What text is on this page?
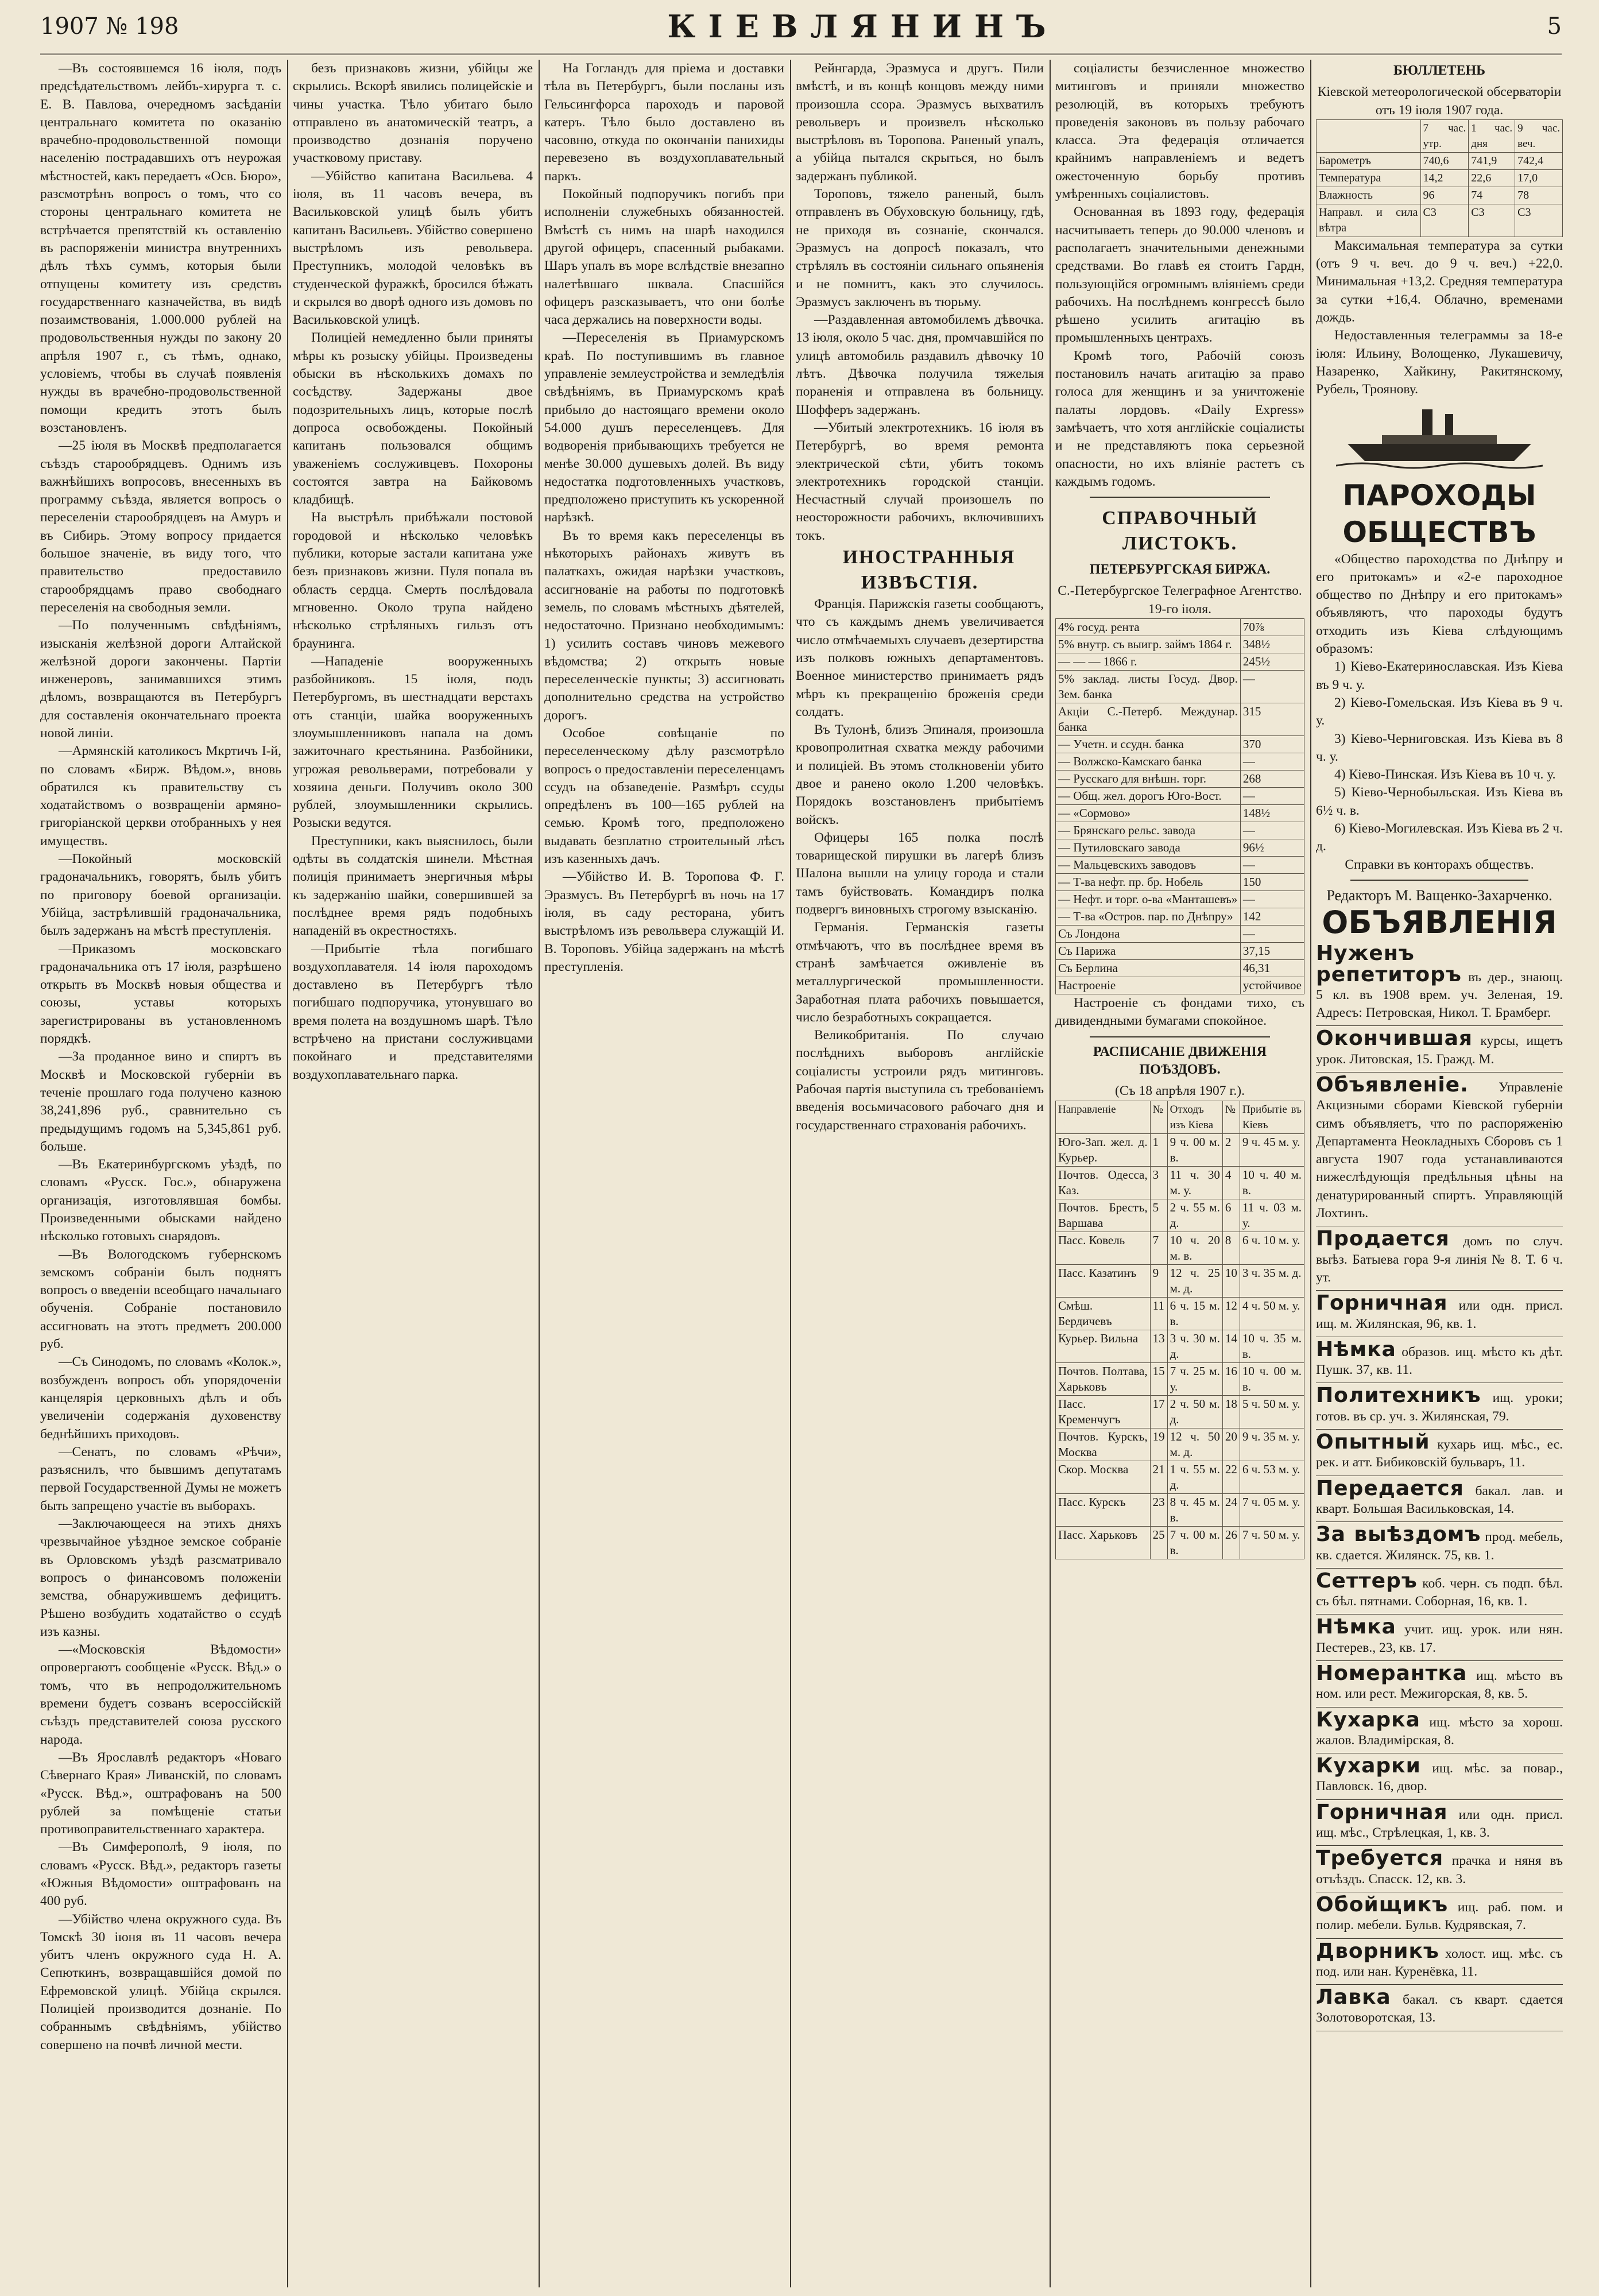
1907 № 198	КІЕВЛЯНИНЪ	5

—Въ состоявшемся 16 іюля, подъ предсѣдательствомъ лейбъ-хирурга т. с. Е. В. Павлова, очередномъ засѣданіи центральнаго комитета по оказанію врачебно-продовольственной помощи населенію пострадавшихъ отъ неурожая мѣстностей, какъ передаетъ «Осв. Бюро», разсмотрѣнъ вопросъ о томъ, что со стороны центральнаго комитета не встрѣчается препятствій къ оставленію въ распоряженіи министра внутреннихъ дѣлъ тѣхъ суммъ, которыя были отпущены комитету изъ средствъ государственнаго казначейства, въ видѣ позаимствованія, 1.000.000 рублей на продовольственныя нужды по закону 20 апрѣля 1907 г., съ тѣмъ, однако, условіемъ, чтобы въ случаѣ появленія нужды въ врачебно-продовольственной помощи кредитъ этотъ былъ возстановленъ.

—25 іюля въ Москвѣ предполагается съѣздъ старообрядцевъ. Однимъ изъ важнѣйшихъ вопросовъ, внесенныхъ въ программу съѣзда, является вопросъ о переселеніи старообрядцевъ на Амуръ и въ Сибирь. Этому вопросу придается большое значеніе, въ виду того, что правительство предоставило старообрядцамъ право свободнаго переселенія на свободныя земли.

—По полученнымъ свѣдѣніямъ, изысканія желѣзной дороги Алтайской желѣзной дороги закончены. Партіи инженеровъ, занимавшихся этимъ дѣломъ, возвращаются въ Петербургъ для составленія окончательнаго проекта новой линіи.

—Армянскій католикосъ Мкртичъ I-й, по словамъ «Бирж. Вѣдом.», вновь обратился къ правительству съ ходатайствомъ о возвращеніи армяно-григоріанской церкви отобранныхъ у нея имуществъ.

—Покойный московскій градоначальникъ, говорятъ, былъ убитъ по приговору боевой организаціи. Убійца, застрѣлившій градоначальника, былъ задержанъ на мѣстѣ преступленія.

—Приказомъ московскаго градоначальника отъ 17 іюля, разрѣшено открыть въ Москвѣ новыя общества и союзы, уставы которыхъ зарегистрированы въ установленномъ порядкѣ.

—За проданное вино и спиртъ въ Москвѣ и Московской губерніи въ теченіе прошлаго года получено казною 38,241,896 руб., сравнительно съ предыдущимъ годомъ на 5,345,861 руб. больше.

—Въ Екатеринбургскомъ уѣздѣ, по словамъ «Русск. Гос.», обнаружена организація, изготовлявшая бомбы. Произведенными обысками найдено нѣсколько готовыхъ снарядовъ.

—Въ Вологодскомъ губернскомъ земскомъ собраніи былъ поднятъ вопросъ о введеніи всеобщаго начальнаго обученія. Собраніе постановило ассигновать на этотъ предметъ 200.000 руб.

—Съ Синодомъ, по словамъ «Колок.», возбужденъ вопросъ объ упорядоченіи канцелярія церковныхъ дѣлъ и объ увеличеніи содержанія духовенству беднѣйшихъ приходовъ.

—Сенатъ, по словамъ «Рѣчи», разъяснилъ, что бывшимъ депутатамъ первой Государственной Думы не можетъ быть запрещено участіе въ выборахъ.

—Заключающееся на этихъ дняхъ чрезвычайное уѣздное земское собраніе въ Орловскомъ уѣздѣ разсматривало вопросъ о финансовомъ положеніи земства, обнаружившемъ дефицитъ. Рѣшено возбудить ходатайство о ссудѣ изъ казны.

—«Московскія Вѣдомости» опровергаютъ сообщеніе «Русск. Вѣд.» о томъ, что въ непродолжительномъ времени будетъ созванъ всероссійскій съѣздъ представителей союза русского народа.

—Въ Ярославлѣ редакторъ «Новаго Сѣвернаго Края» Ливанскій, по словамъ «Русск. Вѣд.», оштрафованъ на 500 рублей за помѣщеніе статьи противоправительственнаго характера.

—Въ Симферополѣ, 9 іюля, по словамъ «Русск. Вѣд.», редакторъ газеты «Южныя Вѣдомости» оштрафованъ на 400 руб.

—Убійство члена окружного суда. Въ Томскѣ 30 іюня въ 11 часовъ вечера убитъ членъ окружного суда Н. А. Сепюткинъ, возвращавшійся домой по Ефремовской улицѣ. Убійца скрылся. Полиціей производится дознаніе. По собраннымъ свѣдѣніямъ, убійство совершено на почвѣ личной мести.

безъ признаковъ жизни, убійцы же скрылись. Вскорѣ явились полицейскіе и чины участка. Тѣло убитаго было отправлено въ анатомическій театръ, а производство дознанія поручено участковому приставу.

—Убійство капитана Васильева. 4 іюля, въ 11 часовъ вечера, въ Васильковской улицѣ былъ убитъ капитанъ Васильевъ. Убійство совершено выстрѣломъ изъ револьвера. Преступникъ, молодой человѣкъ въ студенческой фуражкѣ, бросился бѣжать и скрылся во дворѣ одного изъ домовъ по Васильковской улицѣ.

Полиціей немедленно были приняты мѣры къ розыску убійцы. Произведены обыски въ нѣсколькихъ домахъ по сосѣдству. Задержаны двое подозрительныхъ лицъ, которые послѣ допроса освобождены. Покойный капитанъ пользовался общимъ уваженіемъ сослуживцевъ. Похороны состоятся завтра на Байковомъ кладбищѣ.

На выстрѣлъ прибѣжали постовой городовой и нѣсколько человѣкъ публики, которые застали капитана уже безъ признаковъ жизни. Пуля попала въ область сердца. Смерть послѣдовала мгновенно. Около трупа найдено нѣсколько стрѣляныхъ гильзъ отъ браунинга.

—Нападеніе вооруженныхъ разбойниковъ. 15 іюля, подъ Петербургомъ, въ шестнадцати верстахъ отъ станціи, шайка вооруженныхъ злоумышленниковъ напала на домъ зажиточнаго крестьянина. Разбойники, угрожая револьверами, потребовали у хозяина деньги. Получивъ около 300 рублей, злоумышленники скрылись. Розыски ведутся.

Преступники, какъ выяснилось, были одѣты въ солдатскія шинели. Мѣстная полиція принимаетъ энергичныя мѣры къ задержанію шайки, совершившей за послѣднее время рядъ подобныхъ нападеній въ окрестностяхъ.

—Прибытіе тѣла погибшаго воздухоплавателя. 14 іюля пароходомъ доставлено въ Петербургъ тѣло погибшаго подпоручика, утонувшаго во время полета на воздушномъ шарѣ. Тѣло встрѣчено на пристани сослуживцами покойнаго и представителями воздухоплавательнаго парка.

На Гогландъ для пріема и доставки тѣла въ Петербургъ, были посланы изъ Гельсингфорса пароходъ и паровой катеръ. Тѣло было доставлено въ часовню, откуда по окончаніи панихиды перевезено въ воздухоплавательный паркъ.

Покойный подпоручикъ погибъ при исполненіи служебныхъ обязанностей. Вмѣстѣ съ нимъ на шарѣ находился другой офицеръ, спасенный рыбаками. Шаръ упалъ въ море вслѣдствіе внезапно налетѣвшаго шквала. Спасшійся офицеръ разсказываетъ, что они болѣе часа держались на поверхности воды.

—Переселенія въ Приамурскомъ краѣ. По поступившимъ въ главное управленіе землеустройства и земледѣлія свѣдѣніямъ, въ Приамурскомъ краѣ прибыло до настоящаго времени около 54.000 душъ переселенцевъ. Для водворенія прибывающихъ требуется не менѣе 30.000 душевыхъ долей. Въ виду недостатка подготовленныхъ участковъ, предположено приступить къ ускоренной нарѣзкѣ.

Въ то время какъ переселенцы въ нѣкоторыхъ районахъ живутъ въ палаткахъ, ожидая нарѣзки участковъ, ассигнованіе на работы по подготовкѣ земель, по словамъ мѣстныхъ дѣятелей, недостаточно. Признано необходимымъ: 1) усилить составъ чиновъ межевого вѣдомства; 2) открыть новые переселенческіе пункты; 3) ассигновать дополнительно средства на устройство дорогъ.

Особое совѣщаніе по переселенческому дѣлу разсмотрѣло вопросъ о предоставленіи переселенцамъ ссудъ на обзаведеніе. Размѣръ ссуды опредѣленъ въ 100—165 рублей на семью. Кромѣ того, предположено выдавать безплатно строительный лѣсъ изъ казенныхъ дачъ.

—Убійство И. В. Торопова Ф. Г. Эразмусъ. Въ Петербургѣ въ ночь на 17 іюля, въ саду ресторана, убитъ выстрѣломъ изъ револьвера служащій И. В. Тороповъ. Убійца задержанъ на мѣстѣ преступленія.

Рейнгарда, Эразмуса и другъ. Пили вмѣстѣ, и въ концѣ концовъ между ними произошла ссора. Эразмусъ выхватилъ револьверъ и произвелъ нѣсколько выстрѣловъ въ Торопова. Раненый упалъ, а убійца пытался скрыться, но былъ задержанъ публикой.

Тороповъ, тяжело раненый, былъ отправленъ въ Обуховскую больницу, гдѣ, не приходя въ сознаніе, скончался. Эразмусъ на допросѣ показалъ, что стрѣлялъ въ состояніи сильнаго опьяненія и не помнитъ, какъ это случилось. Эразмусъ заключенъ въ тюрьму.

—Раздавленная автомобилемъ дѣвочка. 13 іюля, около 5 час. дня, промчавшійся по улицѣ автомобиль раздавилъ дѣвочку 10 лѣтъ. Дѣвочка получила тяжелыя пораненія и отправлена въ больницу. Шофферъ задержанъ.

—Убитый электротехникъ. 16 іюля въ Петербургѣ, во время ремонта электрической сѣти, убитъ токомъ электротехникъ городской станціи. Несчастный случай произошелъ по неосторожности рабочихъ, включившихъ токъ.

ИНОСТРАННЫЯ ИЗВѢСТІЯ.

Франція. Парижскія газеты сообщаютъ, что съ каждымъ днемъ увеличивается число отмѣчаемыхъ случаевъ дезертирства изъ полковъ южныхъ департаментовъ. Военное министерство принимаетъ рядъ мѣръ къ прекращенію броженія среди солдатъ.

Въ Тулонѣ, близъ Эпиналя, произошла кровопролитная схватка между рабочими и полиціей. Въ этомъ столкновеніи убито двое и ранено около 1.200 человѣкъ. Порядокъ возстановленъ прибытіемъ войскъ.

Офицеры 165 полка послѣ товарищеской пирушки въ лагерѣ близъ Шалона вышли на улицу города и стали тамъ буйствовать. Командиръ полка подвергъ виновныхъ строгому взысканію.

Германія. Германскія газеты отмѣчаютъ, что въ послѣднее время въ странѣ замѣчается оживленіе въ металлургической промышленности. Заработная плата рабочихъ повышается, число безработныхъ сокращается.

Великобританія. По случаю послѣднихъ выборовъ англійскіе соціалисты устроили рядъ митинговъ. Рабочая партія выступила съ требованіемъ введенія восьмичасового рабочаго дня и государственнаго страхованія рабочихъ.

соціалисты безчисленное множество митинговъ и приняли множество резолюцій, въ которыхъ требуютъ проведенія законовъ въ пользу рабочаго класса. Эта федерація отличается крайнимъ направленіемъ и ведетъ ожесточенную борьбу противъ умѣренныхъ соціалистовъ.

Основанная въ 1893 году, федерація насчитываетъ теперь до 90.000 членовъ и располагаетъ значительными денежными средствами. Во главѣ ея стоитъ Гардн, пользующійся огромнымъ вліяніемъ среди рабочихъ. На послѣднемъ конгрессѣ было рѣшено усилить агитацію въ промышленныхъ центрахъ.

Кромѣ того, Рабочій союзъ постановилъ начать агитацію за право голоса для женщинъ и за уничтоженіе палаты лордовъ. «Daily Express» замѣчаетъ, что хотя англійскіе соціалисты и не представляютъ пока серьезной опасности, но ихъ вліяніе растетъ съ каждымъ годомъ.

СПРАВОЧНЫЙ ЛИСТОКЪ.
ПЕТЕРБУРГСКАЯ БИРЖА.

С.-Петербургское Телеграфное Агентство.

19-го іюля.

4% госуд. рента	70⅞
5% внутр. съ выигр. займъ 1864 г.	348½
— — — 1866 г.	245½
5% заклад. листы Госуд. Двор. Зем. банка	—
Акціи С.-Петерб. Междунар. банка	315
— Учетн. и ссудн. банка	370
— Волжско-Камскаго банка	—
— Русскаго для внѣшн. торг.	268
— Общ. жел. дорогъ Юго-Вост.	—
— «Сормово»	148½
— Брянскаго рельс. завода	—
— Путиловскаго завода	96½
— Мальцевскихъ заводовъ	—
— Т-ва нефт. пр. бр. Нобель	150
— Нефт. и торг. о-ва «Манташевъ»	—
— Т-ва «Остров. пар. по Днѣпру»	142
Съ Лондона	—
Съ Парижа	37,15
Съ Берлина	46,31
Настроеніе	устойчивое

Настроеніе съ фондами тихо, съ дивидендными бумагами спокойное.

РАСПИСАНІЕ ДВИЖЕНІЯ ПОѢЗДОВЪ.

(Съ 18 апрѣля 1907 г.).

Направленіе	№	Отходъ изъ Кіева	№	Прибытіе въ Кіевъ
Юго-Зап. жел. д. Курьер.	1	9 ч. 00 м. в.	2	9 ч. 45 м. у.
Почтов. Одесса, Каз.	3	11 ч. 30 м. у.	4	10 ч. 40 м. в.
Почтов. Брестъ, Варшава	5	2 ч. 55 м. д.	6	11 ч. 03 м. у.
Пасс. Ковель	7	10 ч. 20 м. в.	8	6 ч. 10 м. у.
Пасс. Казатинъ	9	12 ч. 25 м. д.	10	3 ч. 35 м. д.
Смѣш. Бердичевъ	11	6 ч. 15 м. в.	12	4 ч. 50 м. у.
Курьер. Вильна	13	3 ч. 30 м. д.	14	10 ч. 35 м. в.
Почтов. Полтава, Харьковъ	15	7 ч. 25 м. у.	16	10 ч. 00 м. в.
Пасс. Кременчугъ	17	2 ч. 50 м. д.	18	5 ч. 50 м. у.
Почтов. Курскъ, Москва	19	12 ч. 50 м. д.	20	9 ч. 35 м. у.
Скор. Москва	21	1 ч. 55 м. д.	22	6 ч. 53 м. у.
Пасс. Курскъ	23	8 ч. 45 м. в.	24	7 ч. 05 м. у.
Пасс. Харьковъ	25	7 ч. 00 м. в.	26	7 ч. 50 м. у.
БЮЛЛЕТЕНЬ

Кіевской метеорологической обсерваторіи

отъ 19 іюля 1907 года.

	7 час. утр.	1 час. дня	9 час. веч.
Барометръ	740,6	741,9	742,4
Температура	14,2	22,6	17,0
Влажность	96	74	78
Направл. и сила вѣтра	С3	С3	С3

Максимальная температура за сутки (отъ 9 ч. веч. до 9 ч. веч.) +22,0. Минимальная +13,2. Средняя температура за сутки +16,4. Облачно, временами дождь.

Недоставленныя телеграммы за 18-е іюля: Ильину, Волощенко, Лукашевичу, Назаренко, Хайкину, Ракитянскому, Рубель, Троянову.

ПАРОХОДЫ ОБЩЕСТВЪ

«Общество пароходства по Днѣпру и его притокамъ» и «2-е пароходное общество по Днѣпру и его притокамъ» объявляютъ, что пароходы будутъ отходить изъ Кіева слѣдующимъ образомъ:

1) Кіево-Екатеринославская. Изъ Кіева въ 9 ч. у.

2) Кіево-Гомельская. Изъ Кіева въ 9 ч. у.

3) Кіево-Черниговская. Изъ Кіева въ 8 ч. у.

4) Кіево-Пинская. Изъ Кіева въ 10 ч. у.

5) Кіево-Чернобыльская. Изъ Кіева въ 6½ ч. в.

6) Кіево-Могилевская. Изъ Кіева въ 2 ч. д.

Справки въ конторахъ обществъ.

Редакторъ М. Ващенко-Захарченко.

ОБЪЯВЛЕНІЯ
Нуженъ репетиторъ въ дер., знающ. 5 кл. въ 1908 врем. уч. Зеленая, 19. Адресъ: Петровская, Никол. Т. Брамберг.
Окончившая курсы, ищетъ урок. Литовская, 15. Гражд. М.
Объявленіе. Управленіе Акцизными сборами Кіевской губерніи симъ объявляетъ, что по распоряженію Департамента Неокладныхъ Сборовъ съ 1 августа 1907 года устанавливаются нижеслѣдующія предѣльныя цѣны на денатурированный спиртъ. Управляющій Лохтинъ.
Продается домъ по случ. выѣз. Батыева гора 9-я линія № 8. Т. 6 ч. ут.
Горничная или одн. присл. ищ. м. Жилянская, 96, кв. 1.
Нѣмка образов. ищ. мѣсто къ дѣт. Пушк. 37, кв. 11.
Политехникъ ищ. уроки; готов. въ ср. уч. з. Жилянская, 79.
Опытный кухарь ищ. мѣс., ес. рек. и атт. Бибиковскій бульваръ, 11.
Передается бакал. лав. и кварт. Большая Васильковская, 14.
За выѣздомъ прод. мебель, кв. сдается. Жилянск. 75, кв. 1.
Сеттеръ коб. черн. съ подп. бѣл. съ бѣл. пятнами. Соборная, 16, кв. 1.
Нѣмка учит. ищ. урок. или нян. Пестерев., 23, кв. 17.
Номерантка ищ. мѣсто въ ном. или рест. Межигорская, 8, кв. 5.
Кухарка ищ. мѣсто за хорош. жалов. Владимірская, 8.
Кухарки ищ. мѣс. за повар., Павловск. 16, двор.
Горничная или одн. присл. ищ. мѣс., Стрѣлецкая, 1, кв. 3.
Требуется прачка и няня въ отъѣздъ. Спасск. 12, кв. 3.
Обойщикъ ищ. раб. пом. и полир. мебели. Бульв. Кудрявская, 7.
Дворникъ холост. ищ. мѣс. съ под. или нан. Куренёвка, 11.
Лавка бакал. съ кварт. сдается Золотоворотская, 13.
